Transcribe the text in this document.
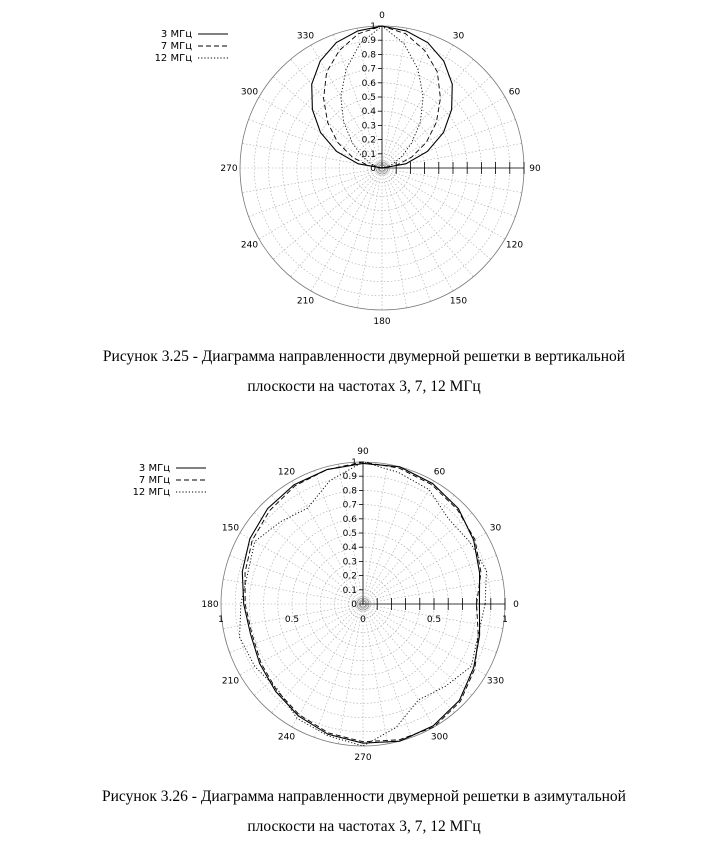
0
30
60
90
120
150
180
210
240
270
300
330
0
0.1
0.2
0.3
0.4
0.5
0.6
0.7
0.8
0.9
1
3 МГц
7 МГц
12 МГц
0
30
60
90
120
150
180
210
240
270
300
330
0
0.1
0.2
0.3
0.4
0.5
0.6
0.7
0.8
0.9
1
1	0.5	0	0.5	1
3 МГц
7 МГц
12 МГц
Рисунок 3.25 - Диаграмма направленности двумерной решетки в вертикальной
плоскости на частотах 3, 7, 12 МГц
Рисунок 3.26 - Диаграмма направленности двумерной решетки в азимутальной
плоскости на частотах 3, 7, 12 МГц
